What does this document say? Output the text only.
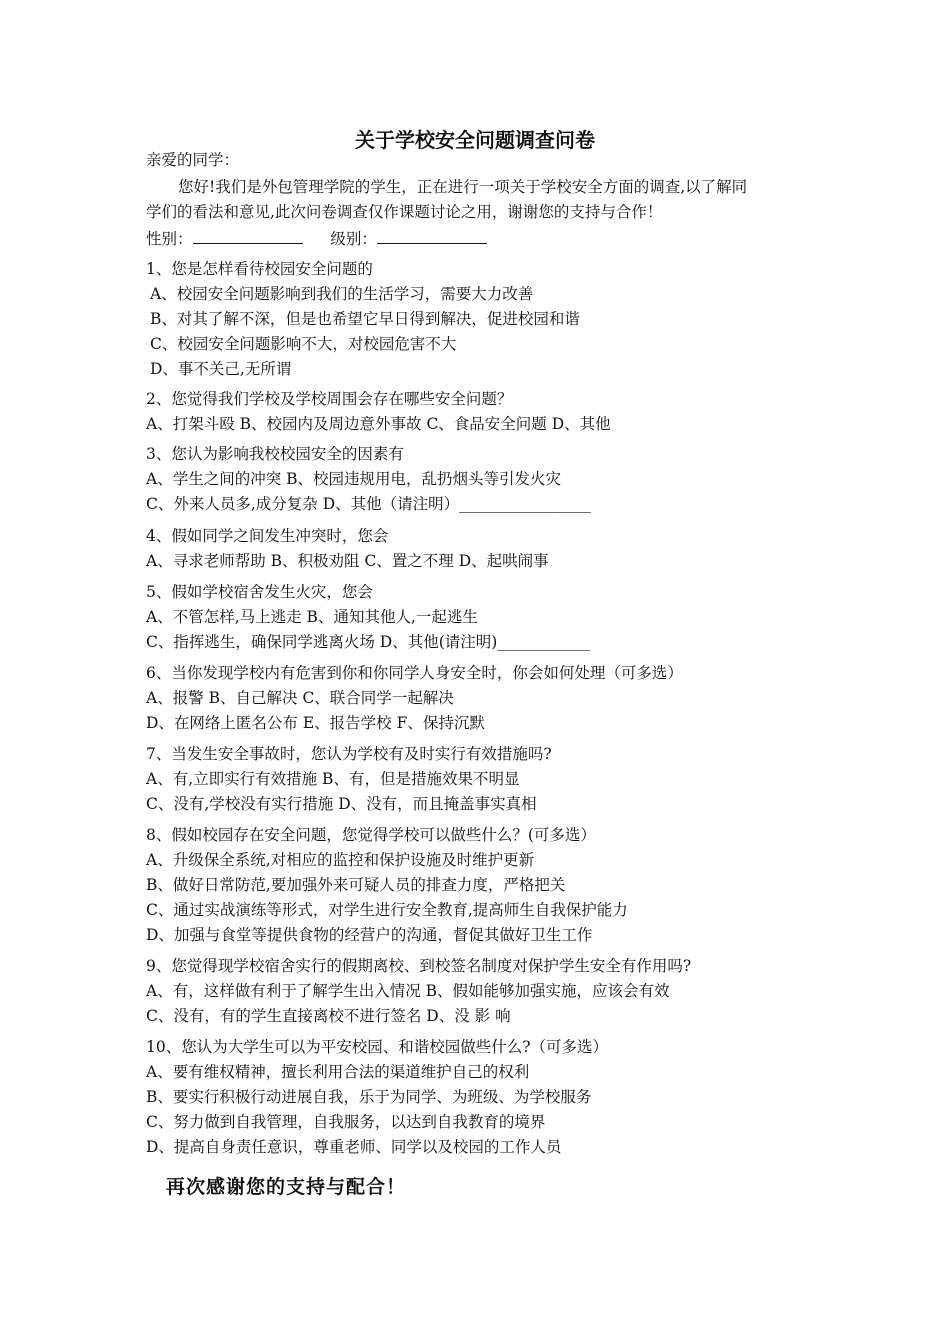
关于学校安全问题调查问卷
亲爱的同学：
您好!我们是外包管理学院的学生，正在进行一项关于学校安全方面的调查,以了解同
学们的看法和意见,此次问卷调查仅作课题讨论之用，谢谢您的支持与合作！
性别：	级别：
1、您是怎样看待校园安全问题的
A、校园安全问题影响到我们的生活学习，需要大力改善
B、对其了解不深，但是也希望它早日得到解决，促进校园和谐
C、校园安全问题影响不大，对校园危害不大
D、事不关己,无所谓
2、您觉得我们学校及学校周围会存在哪些安全问题？
A、打架斗殴 B、校园内及周边意外事故 C、食品安全问题 D、其他
3、您认为影响我校校园安全的因素有
A、学生之间的冲突 B、校园违规用电，乱扔烟头等引发火灾
C、外来人员多,成分复杂 D、其他（请注明）_________________
4、假如同学之间发生冲突时，您会
A、寻求老师帮助 B、积极劝阻 C、置之不理 D、起哄闹事
5、假如学校宿舍发生火灾，您会
A、不管怎样,马上逃走 B、通知其他人,一起逃生
C、指挥逃生，确保同学逃离火场 D、其他(请注明)____________
6、当你发现学校内有危害到你和你同学人身安全时，你会如何处理（可多选）
A、报警 B、自己解决 C、联合同学一起解决
D、在网络上匿名公布 E、报告学校 F、保持沉默
7、当发生安全事故时，您认为学校有及时实行有效措施吗?
A、有,立即实行有效措施 B、有，但是措施效果不明显
C、没有,学校没有实行措施 D、没有，而且掩盖事实真相
8、假如校园存在安全问题，您觉得学校可以做些什么？(可多选）
A、升级保全系统,对相应的监控和保护设施及时维护更新
B、做好日常防范,要加强外来可疑人员的排查力度，严格把关
C、通过实战演练等形式，对学生进行安全教育,提高师生自我保护能力
D、加强与食堂等提供食物的经营户的沟通，督促其做好卫生工作
9、您觉得现学校宿舍实行的假期离校、到校签名制度对保护学生安全有作用吗?
A、有，这样做有利于了解学生出入情况 B、假如能够加强实施，应该会有效
C、没有，有的学生直接离校不进行签名 D、没 影 响
10、您认为大学生可以为平安校园、和谐校园做些什么?（可多选）
A、要有维权精神，擅长利用合法的渠道维护自己的权利
B、要实行积极行动进展自我，乐于为同学、为班级、为学校服务
C、努力做到自我管理，自我服务，以达到自我教育的境界
D、提高自身责任意识，尊重老师、同学以及校园的工作人员
再次感谢您的支持与配合！
